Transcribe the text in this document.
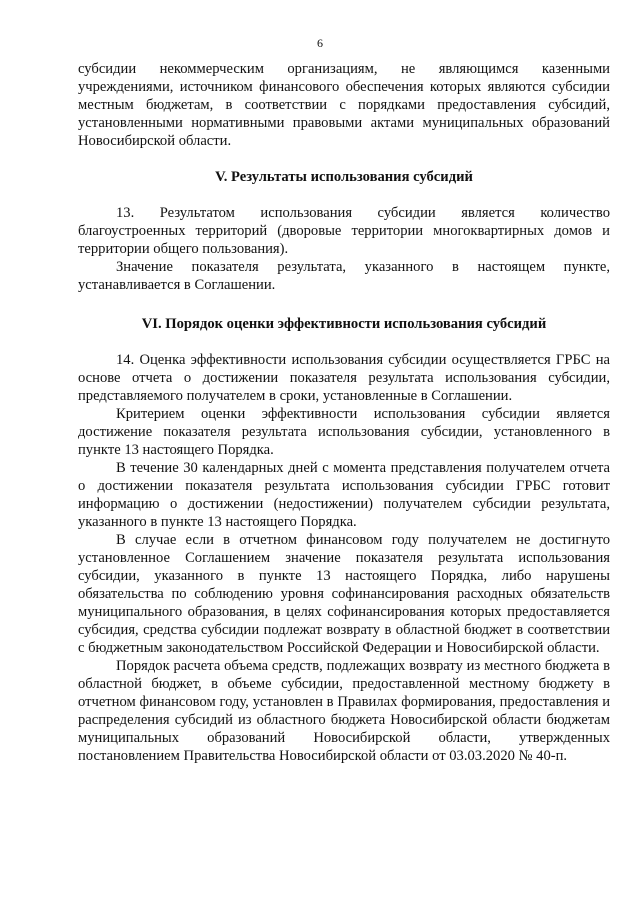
6

субсидии некоммерческим организациям, не являющимся казенными учреждениями, источником финансового обеспечения которых являются субсидии местным бюджетам, в соответствии с порядками предоставления субсидий, установленными нормативными правовыми актами муниципальных образований Новосибирской области.

V. Результаты использования субсидий

13. Результатом использования субсидии является количество благоустроенных территорий (дворовые территории многоквартирных домов и территории общего пользования).

Значение показателя результата, указанного в настоящем пункте, устанавливается в Соглашении.

VI. Порядок оценки эффективности использования субсидий

14. Оценка эффективности использования субсидии осуществляется ГРБС на основе отчета о достижении показателя результата использования субсидии, представляемого получателем в сроки, установленные в Соглашении.

Критерием оценки эффективности использования субсидии является достижение показателя результата использования субсидии, установленного в пункте 13 настоящего Порядка.

В течение 30 календарных дней с момента представления получателем отчета о достижении показателя результата использования субсидии ГРБС готовит информацию о достижении (недостижении) получателем субсидии результата, указанного в пункте 13 настоящего Порядка.

В случае если в отчетном финансовом году получателем не достигнуто установленное Соглашением значение показателя результата использования субсидии, указанного в пункте 13 настоящего Порядка, либо нарушены обязательства по соблюдению уровня софинансирования расходных обязательств муниципального образования, в целях софинансирования которых предоставляется субсидия, средства субсидии подлежат возврату в областной бюджет в соответствии с бюджетным законодательством Российской Федерации и Новосибирской области.

Порядок расчета объема средств, подлежащих возврату из местного бюджета в областной бюджет, в объеме субсидии, предоставленной местному бюджету в отчетном финансовом году, установлен в Правилах формирования, предоставления и распределения субсидий из областного бюджета Новосибирской области бюджетам муниципальных образований Новосибирской области, утвержденных постановлением Правительства Новосибирской области от 03.03.2020 № 40-п.
